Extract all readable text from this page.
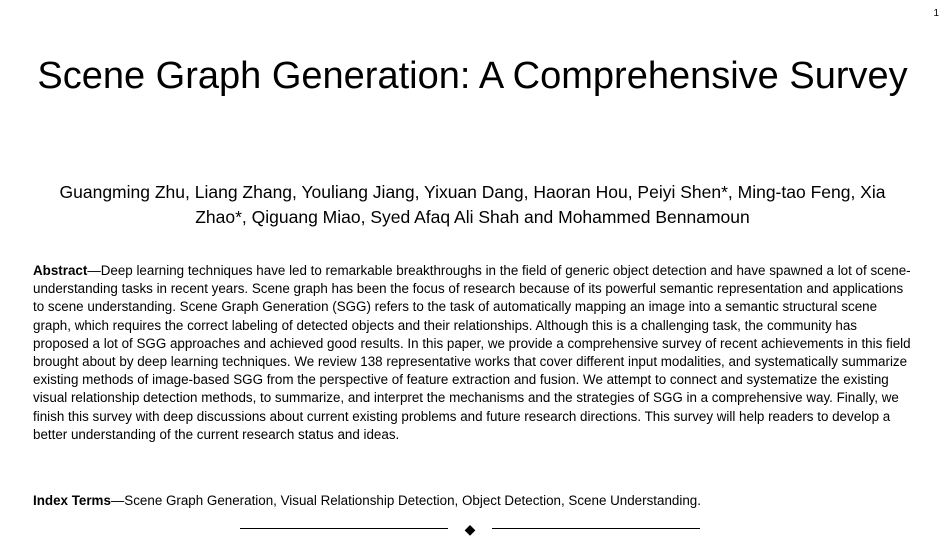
1
Scene Graph Generation: A Comprehensive Survey
Guangming Zhu, Liang Zhang, Youliang Jiang, Yixuan Dang, Haoran Hou, Peiyi Shen*, Ming-tao Feng, Xia Zhao*, Qiguang Miao, Syed Afaq Ali Shah and Mohammed Bennamoun

Abstract—Deep learning techniques have led to remarkable breakthroughs in the field of generic object detection and have spawned a lot of scene-understanding tasks in recent years. Scene graph has been the focus of research because of its powerful semantic representation and applications to scene understanding. Scene Graph Generation (SGG) refers to the task of automatically mapping an image into a semantic structural scene graph, which requires the correct labeling of detected objects and their relationships. Although this is a challenging task, the community has proposed a lot of SGG approaches and achieved good results. In this paper, we provide a comprehensive survey of recent achievements in this field brought about by deep learning techniques. We review 138 representative works that cover different input modalities, and systematically summarize existing methods of image-based SGG from the perspective of feature extraction and fusion. We attempt to connect and systematize the existing visual relationship detection methods, to summarize, and interpret the mechanisms and the strategies of SGG in a comprehensive way. Finally, we finish this survey with deep discussions about current existing problems and future research directions. This survey will help readers to develop a better understanding of the current research status and ideas.

Index Terms—Scene Graph Generation, Visual Relationship Detection, Object Detection, Scene Understanding.

◆
